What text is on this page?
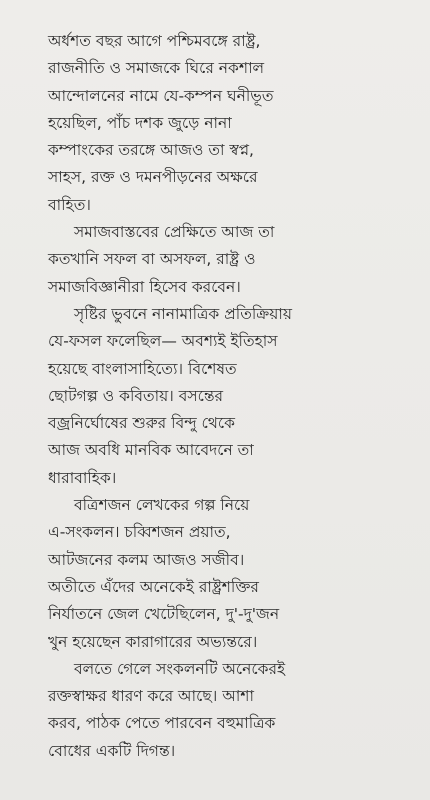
অর্ধশত বছর আগে পশ্চিমবঙ্গে রাষ্ট্র,
রাজনীতি ও সমাজকে ঘিরে নকশাল
আন্দোলনের নামে যে-কম্পন ঘনীভূত
হয়েছিল, পাঁচ দশক জুড়ে নানা
কম্পাংকের তরঙ্গে আজও তা স্বপ্ন,
সাহস, রক্ত ও দমনপীড়নের অক্ষরে
বাহিত।

সমাজবাস্তবের প্রেক্ষিতে আজ তা
কতখানি সফল বা অসফল, রাষ্ট্র ও
সমাজবিজ্ঞানীরা হিসেব করবেন।

সৃষ্টির ভুবনে নানামাত্রিক প্রতিক্রিয়ায়
যে-ফসল ফলেছিল— অবশ্যই ইতিহাস
হয়েছে বাংলাসাহিত্যে। বিশেষত
ছোটগল্প ও কবিতায়। বসন্তের
বজ্রনির্ঘোষের শুরুর বিন্দু থেকে
আজ অবধি মানবিক আবেদনে তা
ধারাবাহিক।

বত্রিশজন লেখকের গল্প নিয়ে
এ-সংকলন। চব্বিশজন প্রয়াত,
আটজনের কলম আজও সজীব।
অতীতে এঁদের অনেকেই রাষ্ট্রশক্তির
নির্যাতনে জেল খেটেছিলেন, দু'-দু'জন
খুন হয়েছেন কারাগারের অভ্যন্তরে।

বলতে গেলে সংকলনটি অনেকেরই
রক্তস্বাক্ষর ধারণ করে আছে। আশা
করব, পাঠক পেতে পারবেন বহুমাত্রিক
বোধের একটি দিগন্ত।
